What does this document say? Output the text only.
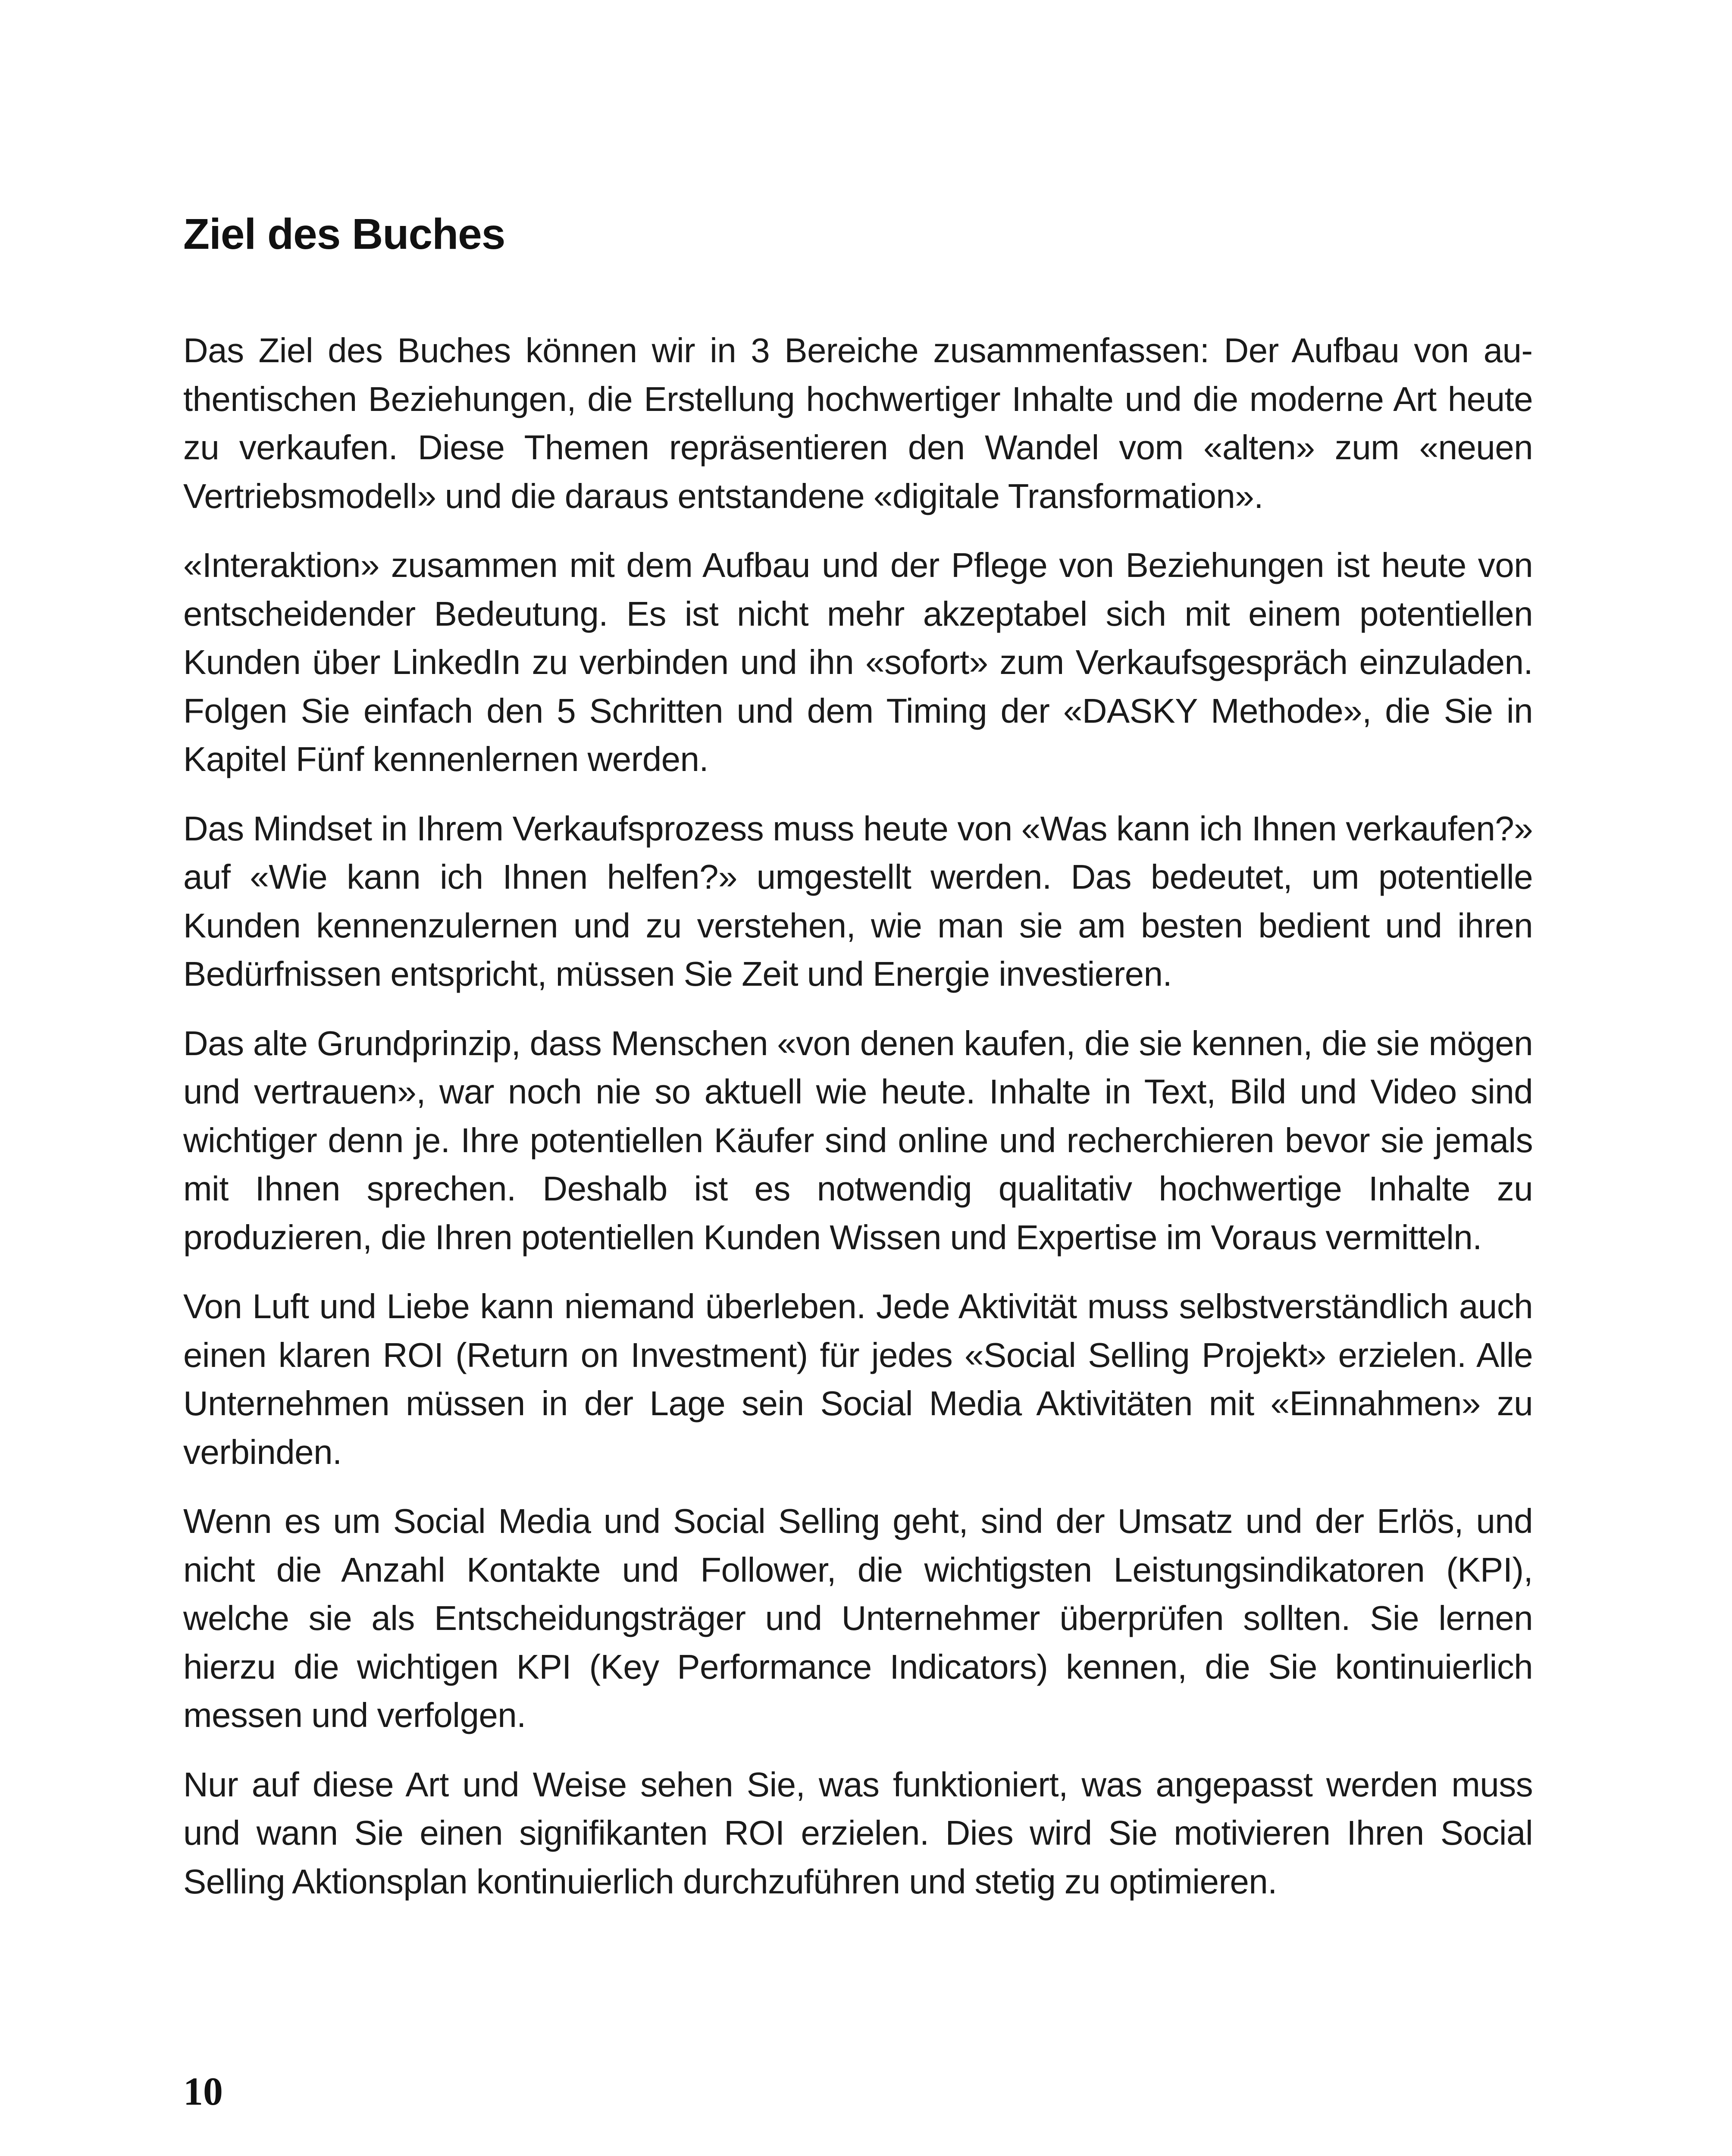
Ziel des Buches

Das Ziel des Buches können wir in 3 Bereiche zusammenfassen: Der Aufbau von authentischen Beziehungen, die Erstellung hochwertiger Inhalte und die moderne Art heute zu verkaufen. Diese Themen repräsentieren den Wandel vom «alten» zum «neuen Vertriebsmodell» und die daraus entstandene «digitale Transformation».

«Interaktion» zusammen mit dem Aufbau und der Pflege von Beziehungen ist heute von entscheidender Bedeutung. Es ist nicht mehr akzeptabel sich mit einem potentiellen Kunden über LinkedIn zu verbinden und ihn «sofort» zum Verkaufsgespräch einzuladen. Folgen Sie einfach den 5 Schritten und dem Timing der «DASKY Methode», die Sie in Kapitel Fünf kennenlernen werden.

Das Mindset in Ihrem Verkaufsprozess muss heute von «Was kann ich Ihnen verkaufen?» auf «Wie kann ich Ihnen helfen?» umgestellt werden. Das bedeutet, um potentielle Kunden kennenzulernen und zu verstehen, wie man sie am besten bedient und ihren Bedürfnissen entspricht, müssen Sie Zeit und Energie investieren.

Das alte Grundprinzip, dass Menschen «von denen kaufen, die sie kennen, die sie mögen und vertrauen», war noch nie so aktuell wie heute. Inhalte in Text, Bild und Video sind wichtiger denn je. Ihre potentiellen Käufer sind online und recherchieren bevor sie jemals mit Ihnen sprechen. Deshalb ist es notwendig qualitativ hochwertige Inhalte zu produzieren, die Ihren potentiellen Kunden Wissen und Expertise im Voraus vermitteln.

Von Luft und Liebe kann niemand überleben. Jede Aktivität muss selbstverständlich auch einen klaren ROI (Return on Investment) für jedes «Social Selling Projekt» erzielen. Alle Unternehmen müssen in der Lage sein Social Media Aktivitäten mit «Einnahmen» zu verbinden.

Wenn es um Social Media und Social Selling geht, sind der Umsatz und der Erlös, und nicht die Anzahl Kontakte und Follower, die wichtigsten Leistungsindikatoren (KPI), welche sie als Entscheidungsträger und Unternehmer überprüfen sollten. Sie lernen hierzu die wichtigen KPI (Key Performance Indicators) kennen, die Sie kontinuierlich messen und verfolgen.

Nur auf diese Art und Weise sehen Sie, was funktioniert, was angepasst werden muss und wann Sie einen signifikanten ROI erzielen. Dies wird Sie motivieren Ihren Social Selling Aktionsplan kontinuierlich durchzuführen und stetig zu optimieren.

10
